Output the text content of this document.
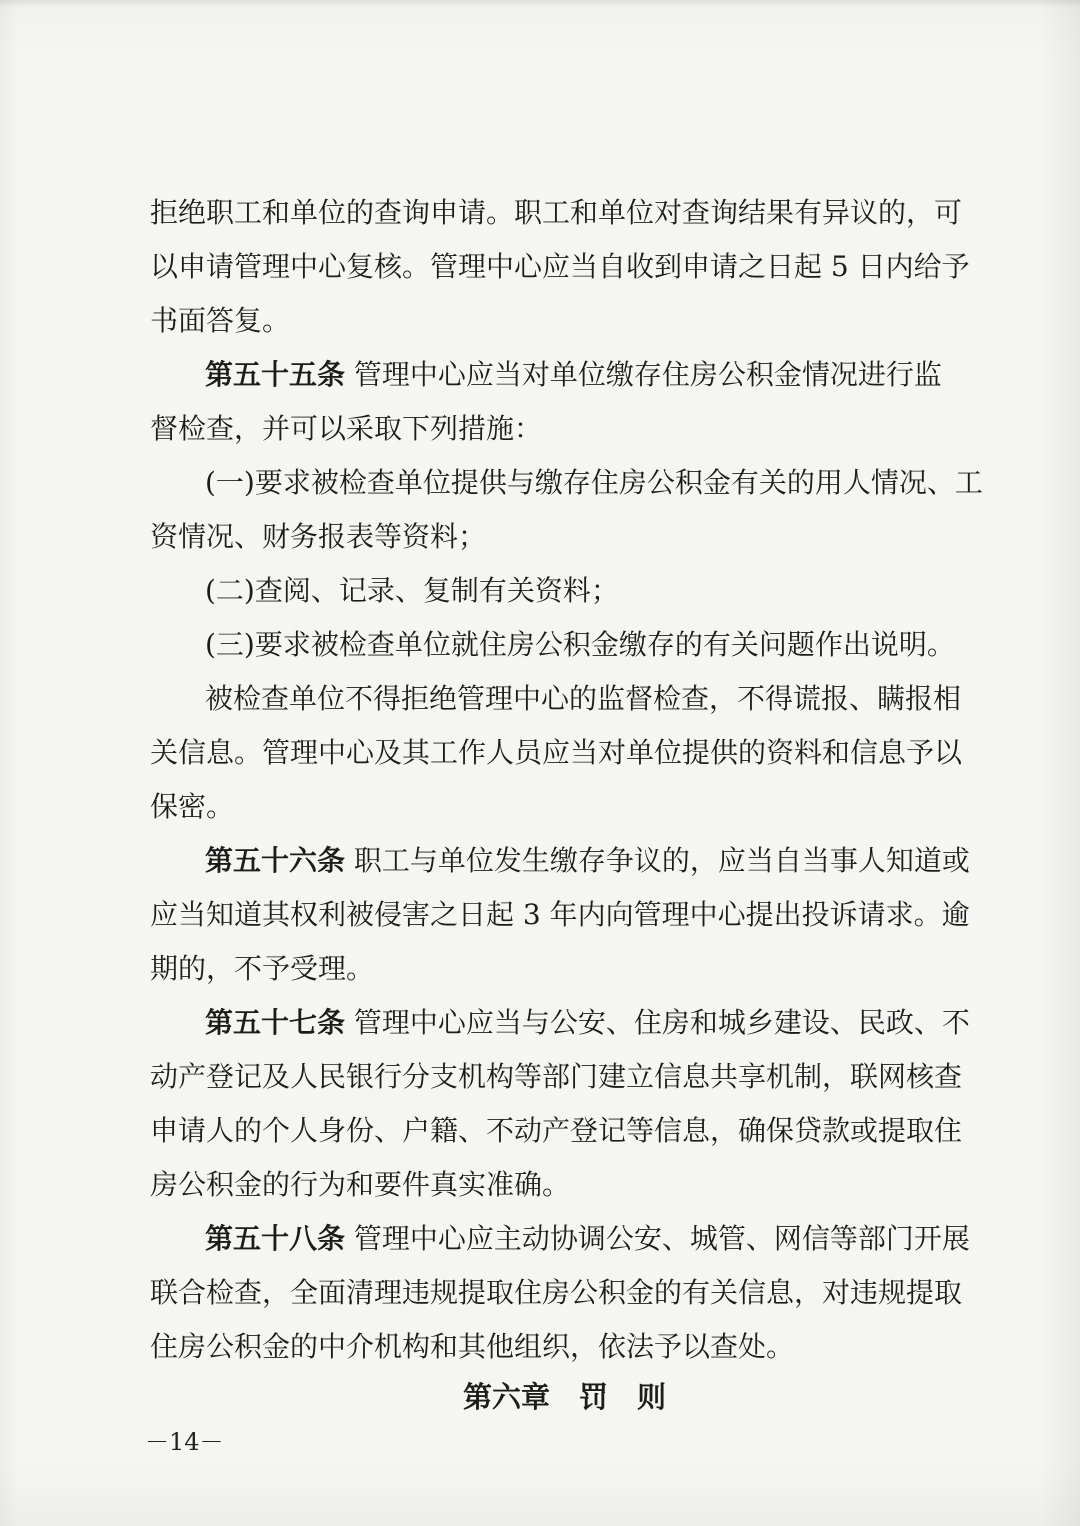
拒绝职工和单位的查询申请。职工和单位对查询结果有异议的，可
以申请管理中心复核。管理中心应当自收到申请之日起 5 日内给予
书面答复。
第五十五条 管理中心应当对单位缴存住房公积金情况进行监
督检查，并可以采取下列措施：
(一)要求被检查单位提供与缴存住房公积金有关的用人情况、工
资情况、财务报表等资料；
(二)查阅、记录、复制有关资料；
(三)要求被检查单位就住房公积金缴存的有关问题作出说明。
被检查单位不得拒绝管理中心的监督检查，不得谎报、瞒报相
关信息。管理中心及其工作人员应当对单位提供的资料和信息予以
保密。
第五十六条 职工与单位发生缴存争议的，应当自当事人知道或
应当知道其权利被侵害之日起 3 年内向管理中心提出投诉请求。逾
期的，不予受理。
第五十七条 管理中心应当与公安、住房和城乡建设、民政、不
动产登记及人民银行分支机构等部门建立信息共享机制，联网核查
申请人的个人身份、户籍、不动产登记等信息，确保贷款或提取住
房公积金的行为和要件真实准确。
第五十八条 管理中心应主动协调公安、城管、网信等部门开展
联合检查，全面清理违规提取住房公积金的有关信息，对违规提取
住房公积金的中介机构和其他组织，依法予以查处。
第六章　罚　则
－14－
